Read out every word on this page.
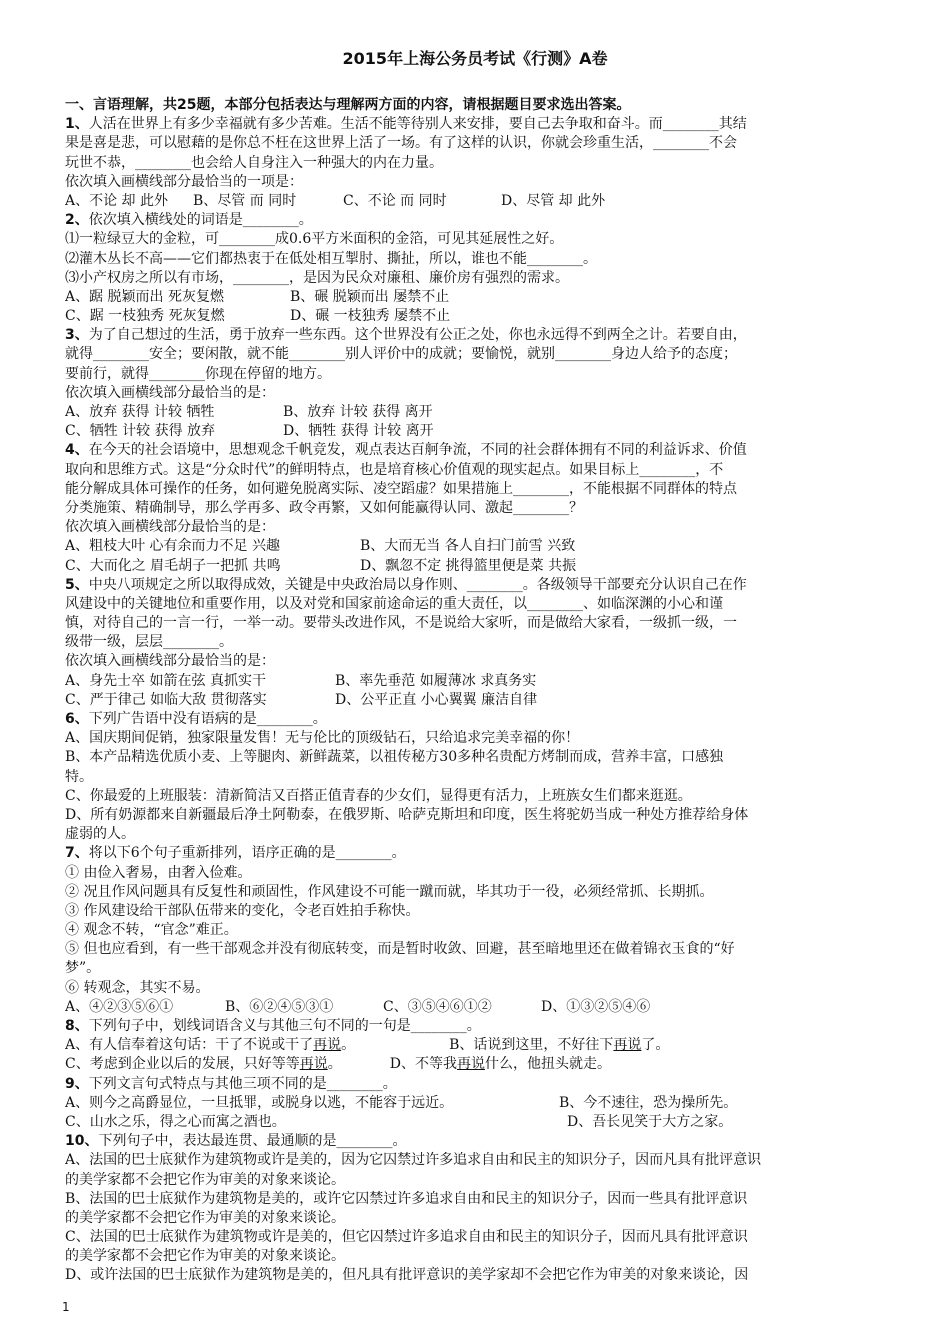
2015年上海公务员考试《行测》A卷
一、言语理解，共25题，本部分包括表达与理解两方面的内容，请根据题目要求选出答案。
1、人活在世界上有多少幸福就有多少苦难。生活不能等待别人来安排，要自己去争取和奋斗。而________其结
果是喜是悲，可以慰藉的是你总不枉在这世界上活了一场。有了这样的认识，你就会珍重生活，________不会
玩世不恭，________也会给人自身注入一种强大的内在力量。
依次填入画横线部分最恰当的一项是：
A、不论 却 此外 B、尽管 而 同时	C、不论 而 同时	D、尽管 却 此外
2、依次填入横线处的词语是________。
⑴一粒绿豆大的金粒，可________成0.6平方米面积的金箔，可见其延展性之好。
⑵灌木丛长不高——它们都热衷于在低处相互掣肘、撕扯，所以，谁也不能________。
⑶小产权房之所以有市场，________，是因为民众对廉租、廉价房有强烈的需求。
A、踞 脱颖而出 死灰复燃	B、碾 脱颖而出 屡禁不止
C、踞 一枝独秀 死灰复燃	D、碾 一枝独秀 屡禁不止
3、为了自己想过的生活，勇于放弃一些东西。这个世界没有公正之处，你也永远得不到两全之计。若要自由，
就得________安全；要闲散，就不能________别人评价中的成就；要愉悦，就别________身边人给予的态度；
要前行，就得________你现在停留的地方。
依次填入画横线部分最恰当的是：
A、放弃 获得 计较 牺牲	B、放弃 计较 获得 离开
C、牺牲 计较 获得 放弃	D、牺牲 获得 计较 离开
4、在今天的社会语境中，思想观念千帆竞发，观点表达百舸争流，不同的社会群体拥有不同的利益诉求、价值
取向和思维方式。这是“分众时代”的鲜明特点，也是培育核心价值观的现实起点。如果目标上________，不
能分解成具体可操作的任务，如何避免脱离实际、凌空蹈虚？如果措施上________，不能根据不同群体的特点
分类施策、精确制导，那么学再多、政令再繁，又如何能赢得认同、激起________？
依次填入画横线部分最恰当的是：
A、粗枝大叶 心有余而力不足 兴趣	B、大而无当 各人自扫门前雪 兴致
C、大而化之 眉毛胡子一把抓 共鸣	D、飘忽不定 挑得篮里便是菜 共振
5、中央八项规定之所以取得成效，关键是中央政治局以身作则、________。各级领导干部要充分认识自己在作
风建设中的关键地位和重要作用，以及对党和国家前途命运的重大责任，以________、如临深渊的小心和谨
慎，对待自己的一言一行，一举一动。要带头改进作风，不是说给大家听，而是做给大家看，一级抓一级，一
级带一级，层层________。
依次填入画横线部分最恰当的是：
A、身先士卒 如箭在弦 真抓实干	B、率先垂范 如履薄冰 求真务实
C、严于律己 如临大敌 贯彻落实	D、公平正直 小心翼翼 廉洁自律
6、下列广告语中没有语病的是________。
A、国庆期间促销，独家限量发售！无与伦比的顶级钻石，只给追求完美幸福的你！
B、本产品精选优质小麦、上等腿肉、新鲜蔬菜，以祖传秘方30多种名贵配方烤制而成，营养丰富，口感独
特。
C、你最爱的上班服装：清新简洁又百搭正值青春的少女们，显得更有活力，上班族女生们都来逛逛。
D、所有奶源都来自新疆最后净土阿勒泰，在俄罗斯、哈萨克斯坦和印度，医生将驼奶当成一种处方推荐给身体
虚弱的人。
7、将以下6个句子重新排列，语序正确的是________。
① 由俭入奢易，由奢入俭难。
② 况且作风问题具有反复性和顽固性，作风建设不可能一蹴而就，毕其功于一役，必须经常抓、长期抓。
③ 作风建设给干部队伍带来的变化，令老百姓拍手称快。
④ 观念不转，“官念”难正。
⑤ 但也应看到，有一些干部观念并没有彻底转变，而是暂时收敛、回避，甚至暗地里还在做着锦衣玉食的“好
梦”。
⑥ 转观念，其实不易。
A、④②③⑤⑥①	B、⑥②④⑤③①	C、③⑤④⑥①②	D、①③②⑤④⑥
8、下列句子中，划线词语含义与其他三句不同的一句是________。
A、有人信奉着这句话：干了不说或干了再说。	B、话说到这里，不好往下再说了。
C、考虑到企业以后的发展，只好等等再说。	D、不等我再说什么，他扭头就走。
9、下列文言句式特点与其他三项不同的是________。
A、则今之高爵显位，一旦抵罪，或脱身以逃，不能容于远近。	B、今不速往，恐为操所先。
C、山水之乐，得之心而寓之酒也。	D、吾长见笑于大方之家。
10、下列句子中，表达最连贯、最通顺的是________。
A、法国的巴士底狱作为建筑物或许是美的，因为它囚禁过许多追求自由和民主的知识分子，因而凡具有批评意识
的美学家都不会把它作为审美的对象来谈论。
B、法国的巴士底狱作为建筑物是美的，或许它囚禁过许多追求自由和民主的知识分子，因而一些具有批评意识
的美学家都不会把它作为审美的对象来谈论。
C、法国的巴士底狱作为建筑物或许是美的，但它囚禁过许多追求自由和民主的知识分子，因而凡具有批评意识
的美学家都不会把它作为审美的对象来谈论。
D、或许法国的巴士底狱作为建筑物是美的，但凡具有批评意识的美学家却不会把它作为审美的对象来谈论，因
1
